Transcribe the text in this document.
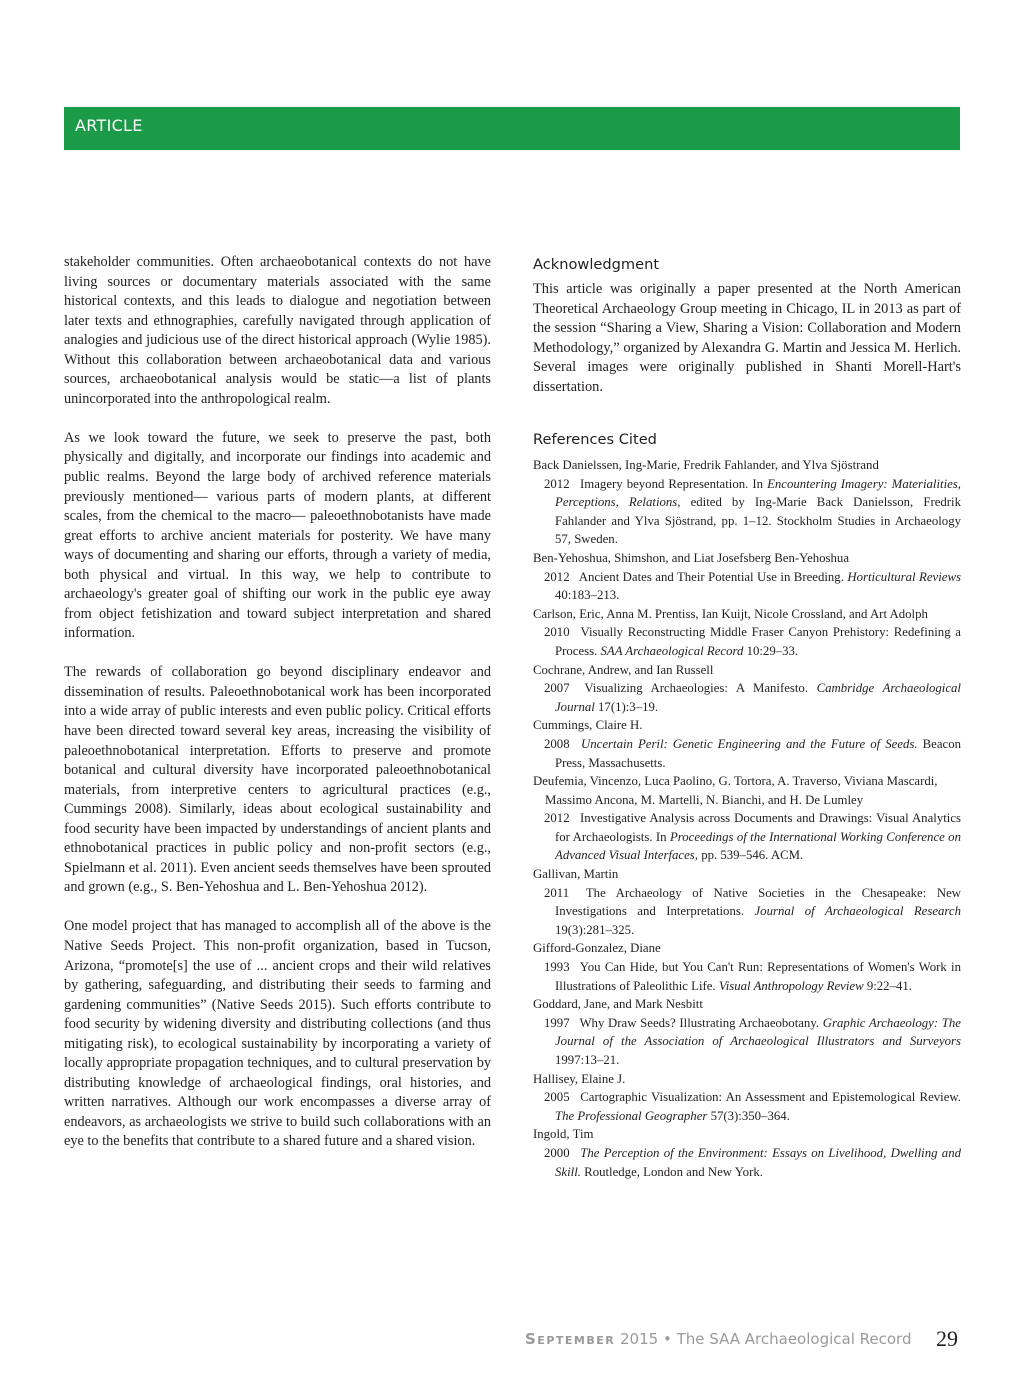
ARTICLE

stakeholder communities. Often archaeobotanical contexts do not have living sources or documentary materials associated with the same historical contexts, and this leads to dialogue and negotiation between later texts and ethnographies, carefully navigated through application of analogies and judicious use of the direct historical approach (Wylie 1985). Without this collaboration between archaeobotanical data and various sources, archaeobotanical analysis would be static—a list of plants unincorporated into the anthropological realm.

As we look toward the future, we seek to preserve the past, both physically and digitally, and incorporate our findings into academic and public realms. Beyond the large body of archived reference materials previously mentioned— various parts of modern plants, at different scales, from the chemical to the macro— paleoethnobotanists have made great efforts to archive ancient materials for posterity. We have many ways of documenting and sharing our efforts, through a variety of media, both physical and virtual. In this way, we help to contribute to archaeology's greater goal of shifting our work in the public eye away from object fetishization and toward subject interpretation and shared information.

The rewards of collaboration go beyond disciplinary endeavor and dissemination of results. Paleoethnobotanical work has been incorporated into a wide array of public interests and even public policy. Critical efforts have been directed toward several key areas, increasing the visibility of paleoethnobotanical interpretation. Efforts to preserve and promote botanical and cultural diversity have incorporated paleoethnobotanical materials, from interpretive centers to agricultural practices (e.g., Cummings 2008). Similarly, ideas about ecological sustainability and food security have been impacted by understandings of ancient plants and ethnobotanical practices in public policy and non-profit sectors (e.g., Spielmann et al. 2011). Even ancient seeds themselves have been sprouted and grown (e.g., S. Ben-Yehoshua and L. Ben-Yehoshua 2012).

One model project that has managed to accomplish all of the above is the Native Seeds Project. This non-profit organization, based in Tucson, Arizona, “promote[s] the use of ... ancient crops and their wild relatives by gathering, safeguarding, and distributing their seeds to farming and gardening communities” (Native Seeds 2015). Such efforts contribute to food security by widening diversity and distributing collections (and thus mitigating risk), to ecological sustainability by incorporating a variety of locally appropriate propagation techniques, and to cultural preservation by distributing knowledge of archaeological findings, oral histories, and written narratives. Although our work encompasses a diverse array of endeavors, as archaeologists we strive to build such collaborations with an eye to the benefits that contribute to a shared future and a shared vision.

Acknowledgment

This article was originally a paper presented at the North American Theoretical Archaeology Group meeting in Chicago, IL in 2013 as part of the session “Sharing a View, Sharing a Vision: Collaboration and Modern Methodology,” organized by Alexandra G. Martin and Jessica M. Herlich. Several images were originally published in Shanti Morell-Hart's dissertation.

References Cited
Back Danielssen, Ing-Marie, Fredrik Fahlander, and Ylva Sjöstrand
2012  Imagery beyond Representation. In Encountering Imagery: Materialities, Perceptions, Relations, edited by Ing-Marie Back Danielsson, Fredrik Fahlander and Ylva Sjöstrand, pp. 1–12. Stockholm Studies in Archaeology 57, Sweden.
Ben-Yehoshua, Shimshon, and Liat Josefsberg Ben-Yehoshua
2012  Ancient Dates and Their Potential Use in Breeding. Horticultural Reviews 40:183–213.
Carlson, Eric, Anna M. Prentiss, Ian Kuijt, Nicole Crossland, and Art Adolph
2010  Visually Reconstructing Middle Fraser Canyon Prehistory: Redefining a Process. SAA Archaeological Record 10:29–33.
Cochrane, Andrew, and Ian Russell
2007  Visualizing Archaeologies: A Manifesto. Cambridge Archaeological Journal 17(1):3–19.
Cummings, Claire H.
2008  Uncertain Peril: Genetic Engineering and the Future of Seeds. Beacon Press, Massachusetts.
Deufemia, Vincenzo, Luca Paolino, G. Tortora, A. Traverso, Viviana Mascardi, Massimo Ancona, M. Martelli, N. Bianchi, and H. De Lumley
2012  Investigative Analysis across Documents and Drawings: Visual Analytics for Archaeologists. In Proceedings of the International Working Conference on Advanced Visual Interfaces, pp. 539–546. ACM.
Gallivan, Martin
2011  The Archaeology of Native Societies in the Chesapeake: New Investigations and Interpretations. Journal of Archaeological Research 19(3):281–325.
Gifford-Gonzalez, Diane
1993  You Can Hide, but You Can't Run: Representations of Women's Work in Illustrations of Paleolithic Life. Visual Anthropology Review 9:22–41.
Goddard, Jane, and Mark Nesbitt
1997  Why Draw Seeds? Illustrating Archaeobotany. Graphic Archaeology: The Journal of the Association of Archaeological Illustrators and Surveyors 1997:13–21.
Hallisey, Elaine J.
2005  Cartographic Visualization: An Assessment and Epistemological Review. The Professional Geographer 57(3):350–364.
Ingold, Tim
2000  The Perception of the Environment: Essays on Livelihood, Dwelling and Skill. Routledge, London and New York.
September 2015 • The SAA Archaeological Record 29
